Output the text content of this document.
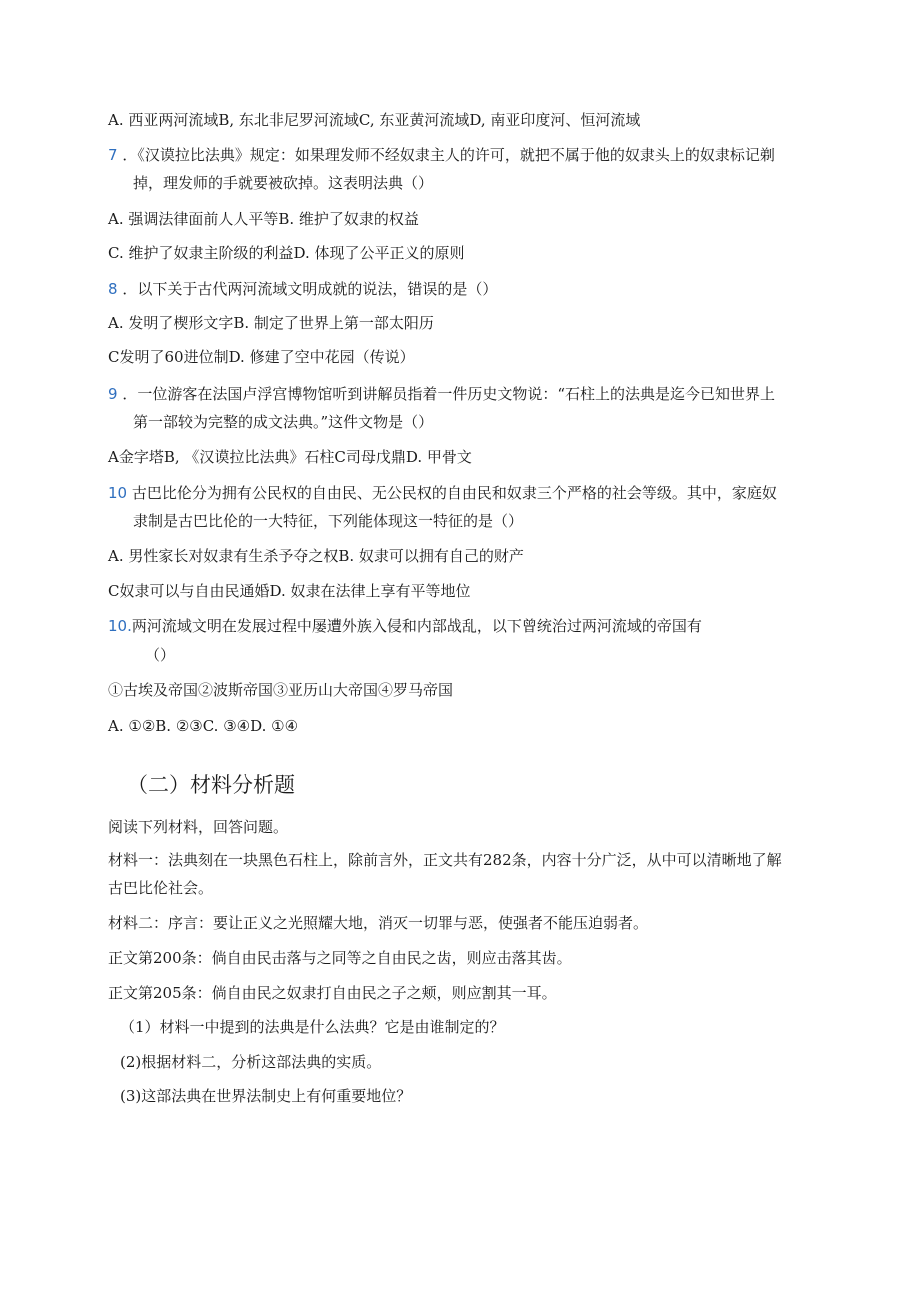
A. 西亚两河流域B, 东北非尼罗河流域C, 东亚黄河流域D, 南亚印度河、恒河流域
7 ．《汉谟拉比法典》规定：如果理发师不经奴隶主人的许可，就把不属于他的奴隶头上的奴隶标记剃
掉，理发师的手就要被砍掉。这表明法典（）
A. 强调法律面前人人平等B. 维护了奴隶的权益
C. 维护了奴隶主阶级的利益D. 体现了公平正义的原则
8 ．以下关于古代两河流域文明成就的说法，错误的是（）
A. 发明了楔形文字B. 制定了世界上第一部太阳历
C发明了60进位制D. 修建了空中花园（传说）
9 ．一位游客在法国卢浮宫博物馆听到讲解员指着一件历史文物说：“石柱上的法典是迄今已知世界上
第一部较为完整的成文法典。”这件文物是（）
A金字塔B, 《汉谟拉比法典》石柱C司母戊鼎D. 甲骨文
10 古巴比伦分为拥有公民权的自由民、无公民权的自由民和奴隶三个严格的社会等级。其中，家庭奴
隶制是古巴比伦的一大特征，下列能体现这一特征的是（）
A. 男性家长对奴隶有生杀予夺之权B. 奴隶可以拥有自己的财产
C奴隶可以与自由民通婚D. 奴隶在法律上享有平等地位
10.两河流域文明在发展过程中屡遭外族入侵和内部战乱，以下曾统治过两河流域的帝国有
（）
①古埃及帝国②波斯帝国③亚历山大帝国④罗马帝国
A. ①②B. ②③C. ③④D. ①④
（二）材料分析题
阅读下列材料，回答问题。
材料一：法典刻在一块黑色石柱上，除前言外，正文共有282条，内容十分广泛，从中可以清晰地了解
古巴比伦社会。
材料二：序言：要让正义之光照耀大地，消灭一切罪与恶，使强者不能压迫弱者。
正文第200条：倘自由民击落与之同等之自由民之齿，则应击落其齿。
正文第205条：倘自由民之奴隶打自由民之子之颊，则应割其一耳。
（1）材料一中提到的法典是什么法典？它是由谁制定的？
(2)根据材料二，分析这部法典的实质。
(3)这部法典在世界法制史上有何重要地位？
